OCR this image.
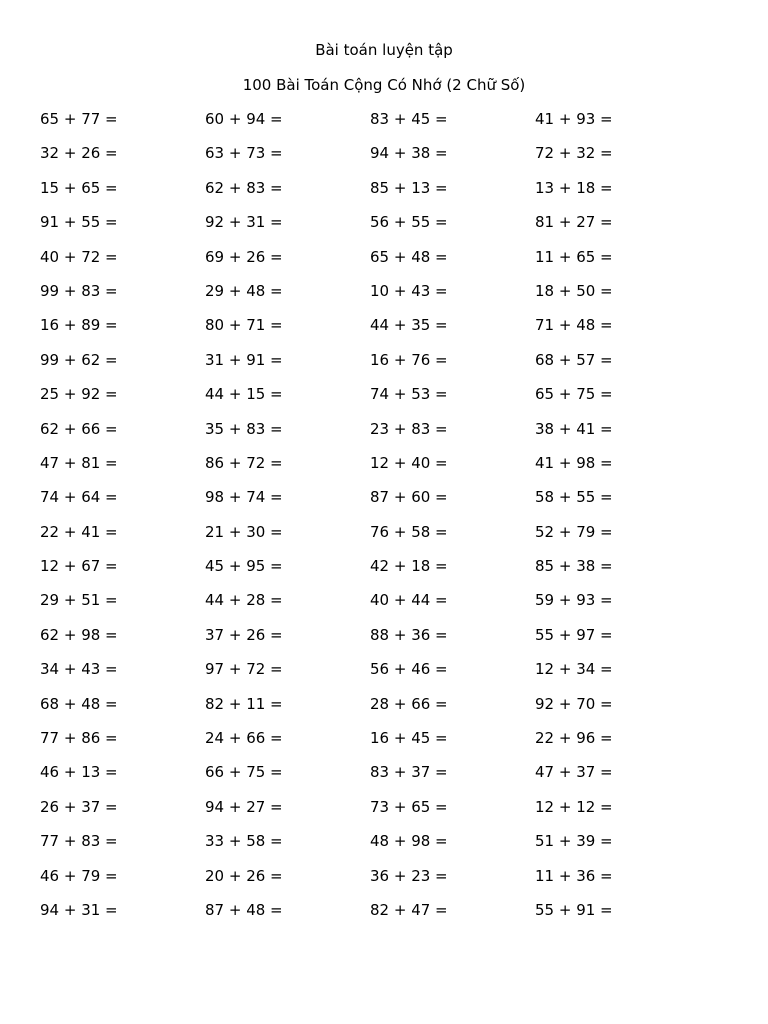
Bài toán luyện tập
100 Bài Toán Cộng Có Nhớ (2 Chữ Số)
65 + 77 =	60 + 94 =	83 + 45 =	41 + 93 =
32 + 26 =	63 + 73 =	94 + 38 =	72 + 32 =
15 + 65 =	62 + 83 =	85 + 13 =	13 + 18 =
91 + 55 =	92 + 31 =	56 + 55 =	81 + 27 =
40 + 72 =	69 + 26 =	65 + 48 =	11 + 65 =
99 + 83 =	29 + 48 =	10 + 43 =	18 + 50 =
16 + 89 =	80 + 71 =	44 + 35 =	71 + 48 =
99 + 62 =	31 + 91 =	16 + 76 =	68 + 57 =
25 + 92 =	44 + 15 =	74 + 53 =	65 + 75 =
62 + 66 =	35 + 83 =	23 + 83 =	38 + 41 =
47 + 81 =	86 + 72 =	12 + 40 =	41 + 98 =
74 + 64 =	98 + 74 =	87 + 60 =	58 + 55 =
22 + 41 =	21 + 30 =	76 + 58 =	52 + 79 =
12 + 67 =	45 + 95 =	42 + 18 =	85 + 38 =
29 + 51 =	44 + 28 =	40 + 44 =	59 + 93 =
62 + 98 =	37 + 26 =	88 + 36 =	55 + 97 =
34 + 43 =	97 + 72 =	56 + 46 =	12 + 34 =
68 + 48 =	82 + 11 =	28 + 66 =	92 + 70 =
77 + 86 =	24 + 66 =	16 + 45 =	22 + 96 =
46 + 13 =	66 + 75 =	83 + 37 =	47 + 37 =
26 + 37 =	94 + 27 =	73 + 65 =	12 + 12 =
77 + 83 =	33 + 58 =	48 + 98 =	51 + 39 =
46 + 79 =	20 + 26 =	36 + 23 =	11 + 36 =
94 + 31 =	87 + 48 =	82 + 47 =	55 + 91 =
